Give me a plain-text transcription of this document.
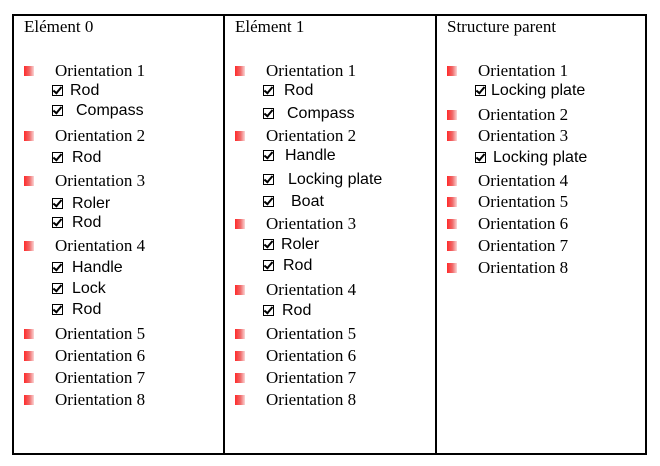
Elément 0
Orientation 1
Rod
Compass
Orientation 2
Rod
Orientation 3
Roler
Rod
Orientation 4
Handle
Lock
Rod
Orientation 5
Orientation 6
Orientation 7
Orientation 8
Elément 1
Orientation 1
Rod
Compass
Orientation 2
Handle
Locking plate
Boat
Orientation 3
Roler
Rod
Orientation 4
Rod
Orientation 5
Orientation 6
Orientation 7
Orientation 8
Structure parent
Orientation 1
Locking plate
Orientation 2
Orientation 3
Locking plate
Orientation 4
Orientation 5
Orientation 6
Orientation 7
Orientation 8
